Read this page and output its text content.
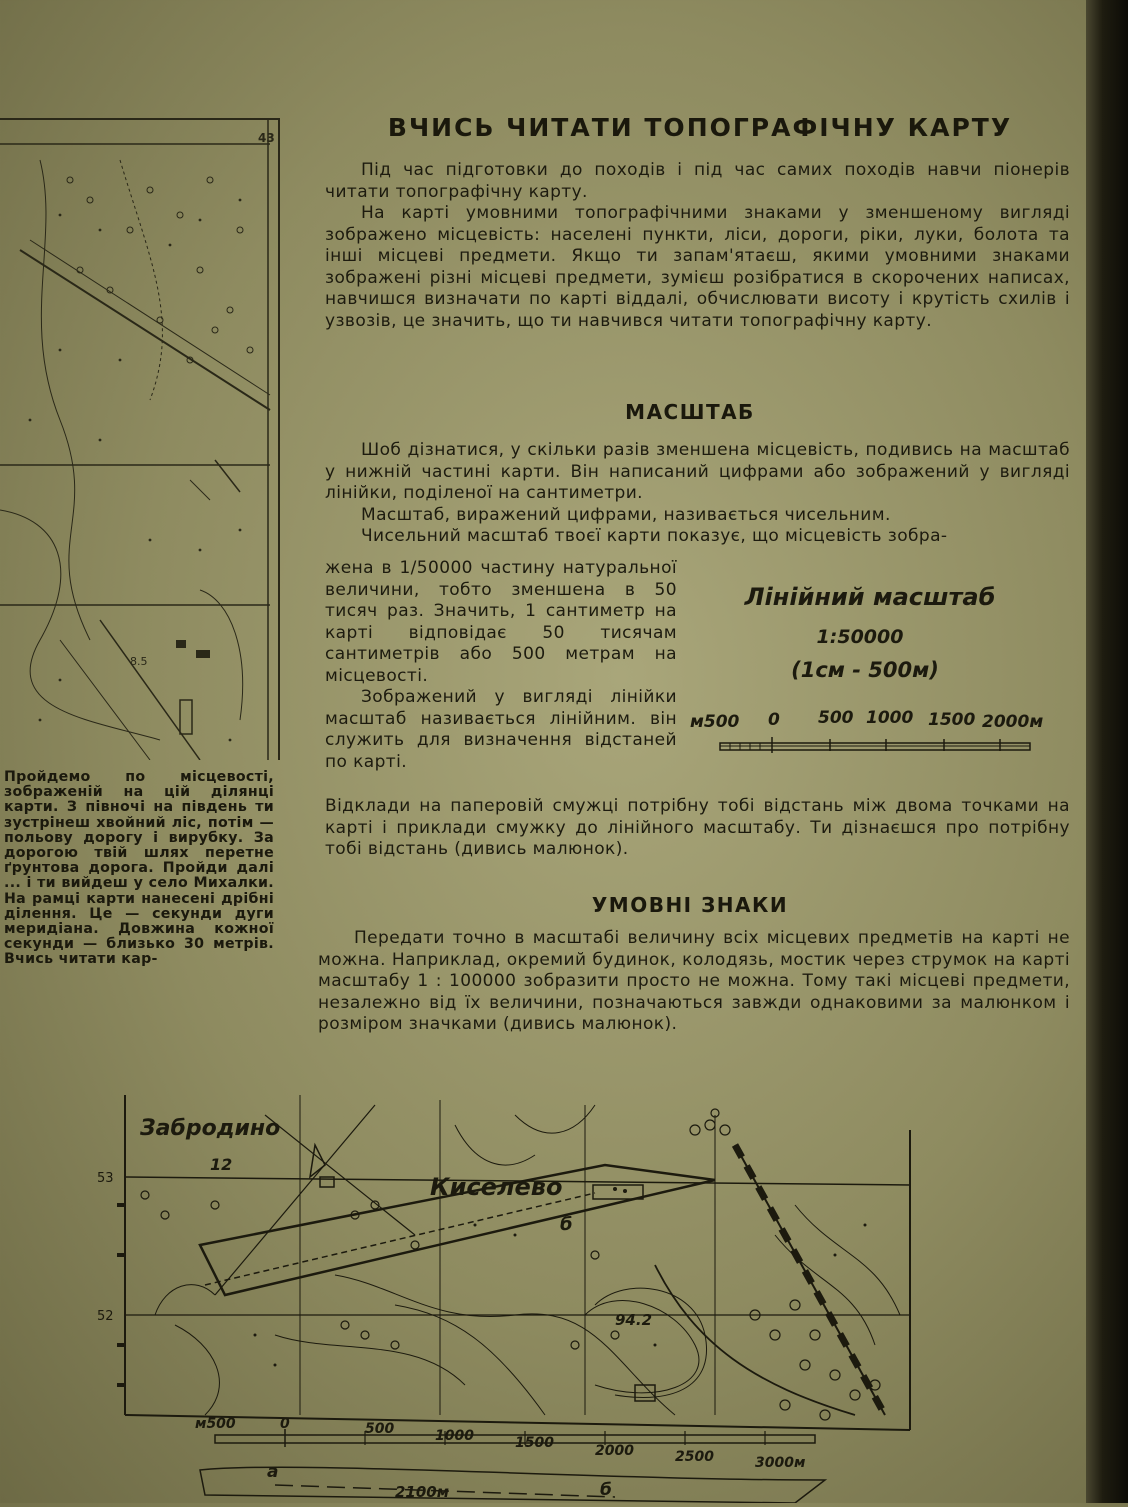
43
8.5
Пройдемо по місцевості, зображеній на цій ділянці карти. З півночі на південь ти зустрінеш хвойний ліс, потім — польову дорогу і вирубку. За дорогою твій шлях перетне ґрунтова дорога. Пройди далі ... і ти вийдеш у село Михалки. На рамці карти нанесені дрібні ділення. Це — секунди дуги меридіана. Довжина кожної секунди — близько 30 метрів. Вчись читати кар-
ВЧИСЬ ЧИТАТИ ТОПОГРАФІЧНУ КАРТУ

Під час підготовки до походів і під час самих походів навчи піонерів читати топографічну карту.

На карті умовними топографічними знаками у зменшеному вигляді зображено місцевість: населені пункти, ліси, дороги, ріки, луки, болота та інші місцеві предмети. Якщо ти запам'ятаєш, якими умовними знаками зображені різні місцеві предмети, зумієш розібратися в скорочених написах, навчишся визначати по карті віддалі, обчислювати висоту і крутість схилів і узвозів, це значить, що ти навчився читати топографічну карту.

МАСШТАБ

Шоб дізнатися, у скільки разів зменшена місцевість, подивись на масштаб у нижній частині карти. Він написаний цифрами або зображений у вигляді лінійки, поділеної на сантиметри.

Масштаб, виражений цифрами, називається чисельним.

Чисельний масштаб твоєї карти показує, що місцевість зобра-

жена в 1/50000 частину натуральної величини, тобто зменшена в 50 тисяч раз. Значить, 1 сантиметр на карті відповідає 50 тисячам сантиметрів або 500 метрам на місцевості.

Зображений у вигляді лінійки масштаб називається лінійним. він служить для визначення відстаней по карті.

Відклади на паперовій смужці потрібну тобі відстань між двома точками на карті і приклади смужку до лінійного масштабу. Ти дізнаєшся про потрібну тобі відстань (дивись малюнок).

Лінійний масштаб
1:50000
(1см - 500м)
м500 0 500 1000 1500 2000м
УМОВНІ ЗНАКИ

Передати точно в масштабі величину всіх місцевих предметів на карті не можна. Наприклад, окремий будинок, колодязь, мостик через струмок на карті масштабу 1 : 100000 зобразити просто не можна. Тому такі місцеві предмети, незалежно від їх величини, позначаються завжди однаковими за малюнком і розміром значками (дивись малюнок).

Забродино
12
Киселево
б
94.2
53
52
м500	0	500	1000	1500	2000	2500	3000м
а
2100м	б
